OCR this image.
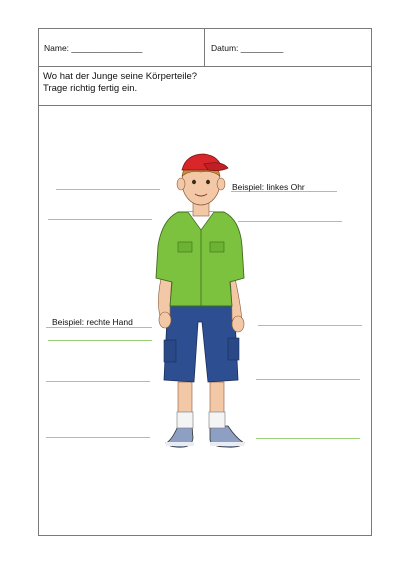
Name: _______________	Datum: _________
Wo hat der Junge seine Körperteile?
Trage richtig fertig ein.
Beispiel: linkes Ohr
Beispiel: rechte Hand
